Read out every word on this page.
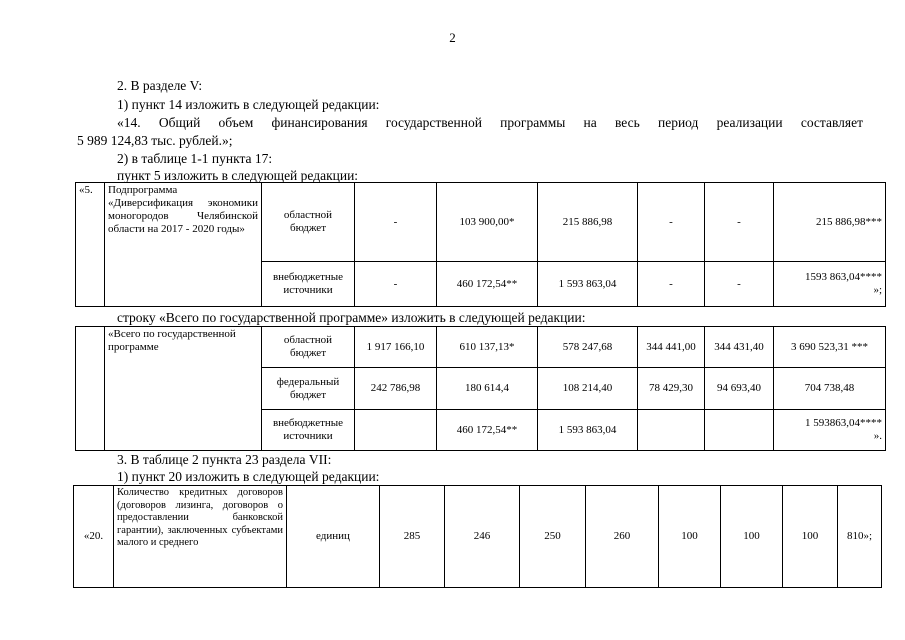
2
2. В разделе V:
1) пункт 14 изложить в следующей редакции:
«14. Общий объем финансирования государственной программы на весь период реализации составляет
5 989 124,83 тыс. рублей.»;
2) в таблице 1-1 пункта 17:
пункт 5 изложить в следующей редакции:
«5.	Подпрограмма «Диверсификация экономики моногородов Челябинской области на 2017 - 2020 годы»	областной бюджет	-	103 900,00*	215 886,98	-	-	215 886,98***
		внебюджетные источники	-	460 172,54**	1 593 863,04	-	-	1593 863,04****
»;
строку «Всего по государственной программе» изложить в следующей редакции:
	«Всего по государственной программе	областной бюджет	1 917 166,10	610 137,13*	578 247,68	344 441,00	344 431,40	3 690 523,31 ***
		федеральный бюджет	242 786,98	180 614,4	108 214,40	78 429,30	94 693,40	704 738,48
		внебюджетные источники		460 172,54**	1 593 863,04			1 593863,04****
».
3. В таблице 2 пункта 23 раздела VII:
1) пункт 20 изложить в следующей редакции:
«20.	Количество кредитных договоров (договоров лизинга, договоров о предоставлении банковской гарантии), заключенных субъектами малого и среднего	единиц	285	246	250	260	100	100	100	810»;
